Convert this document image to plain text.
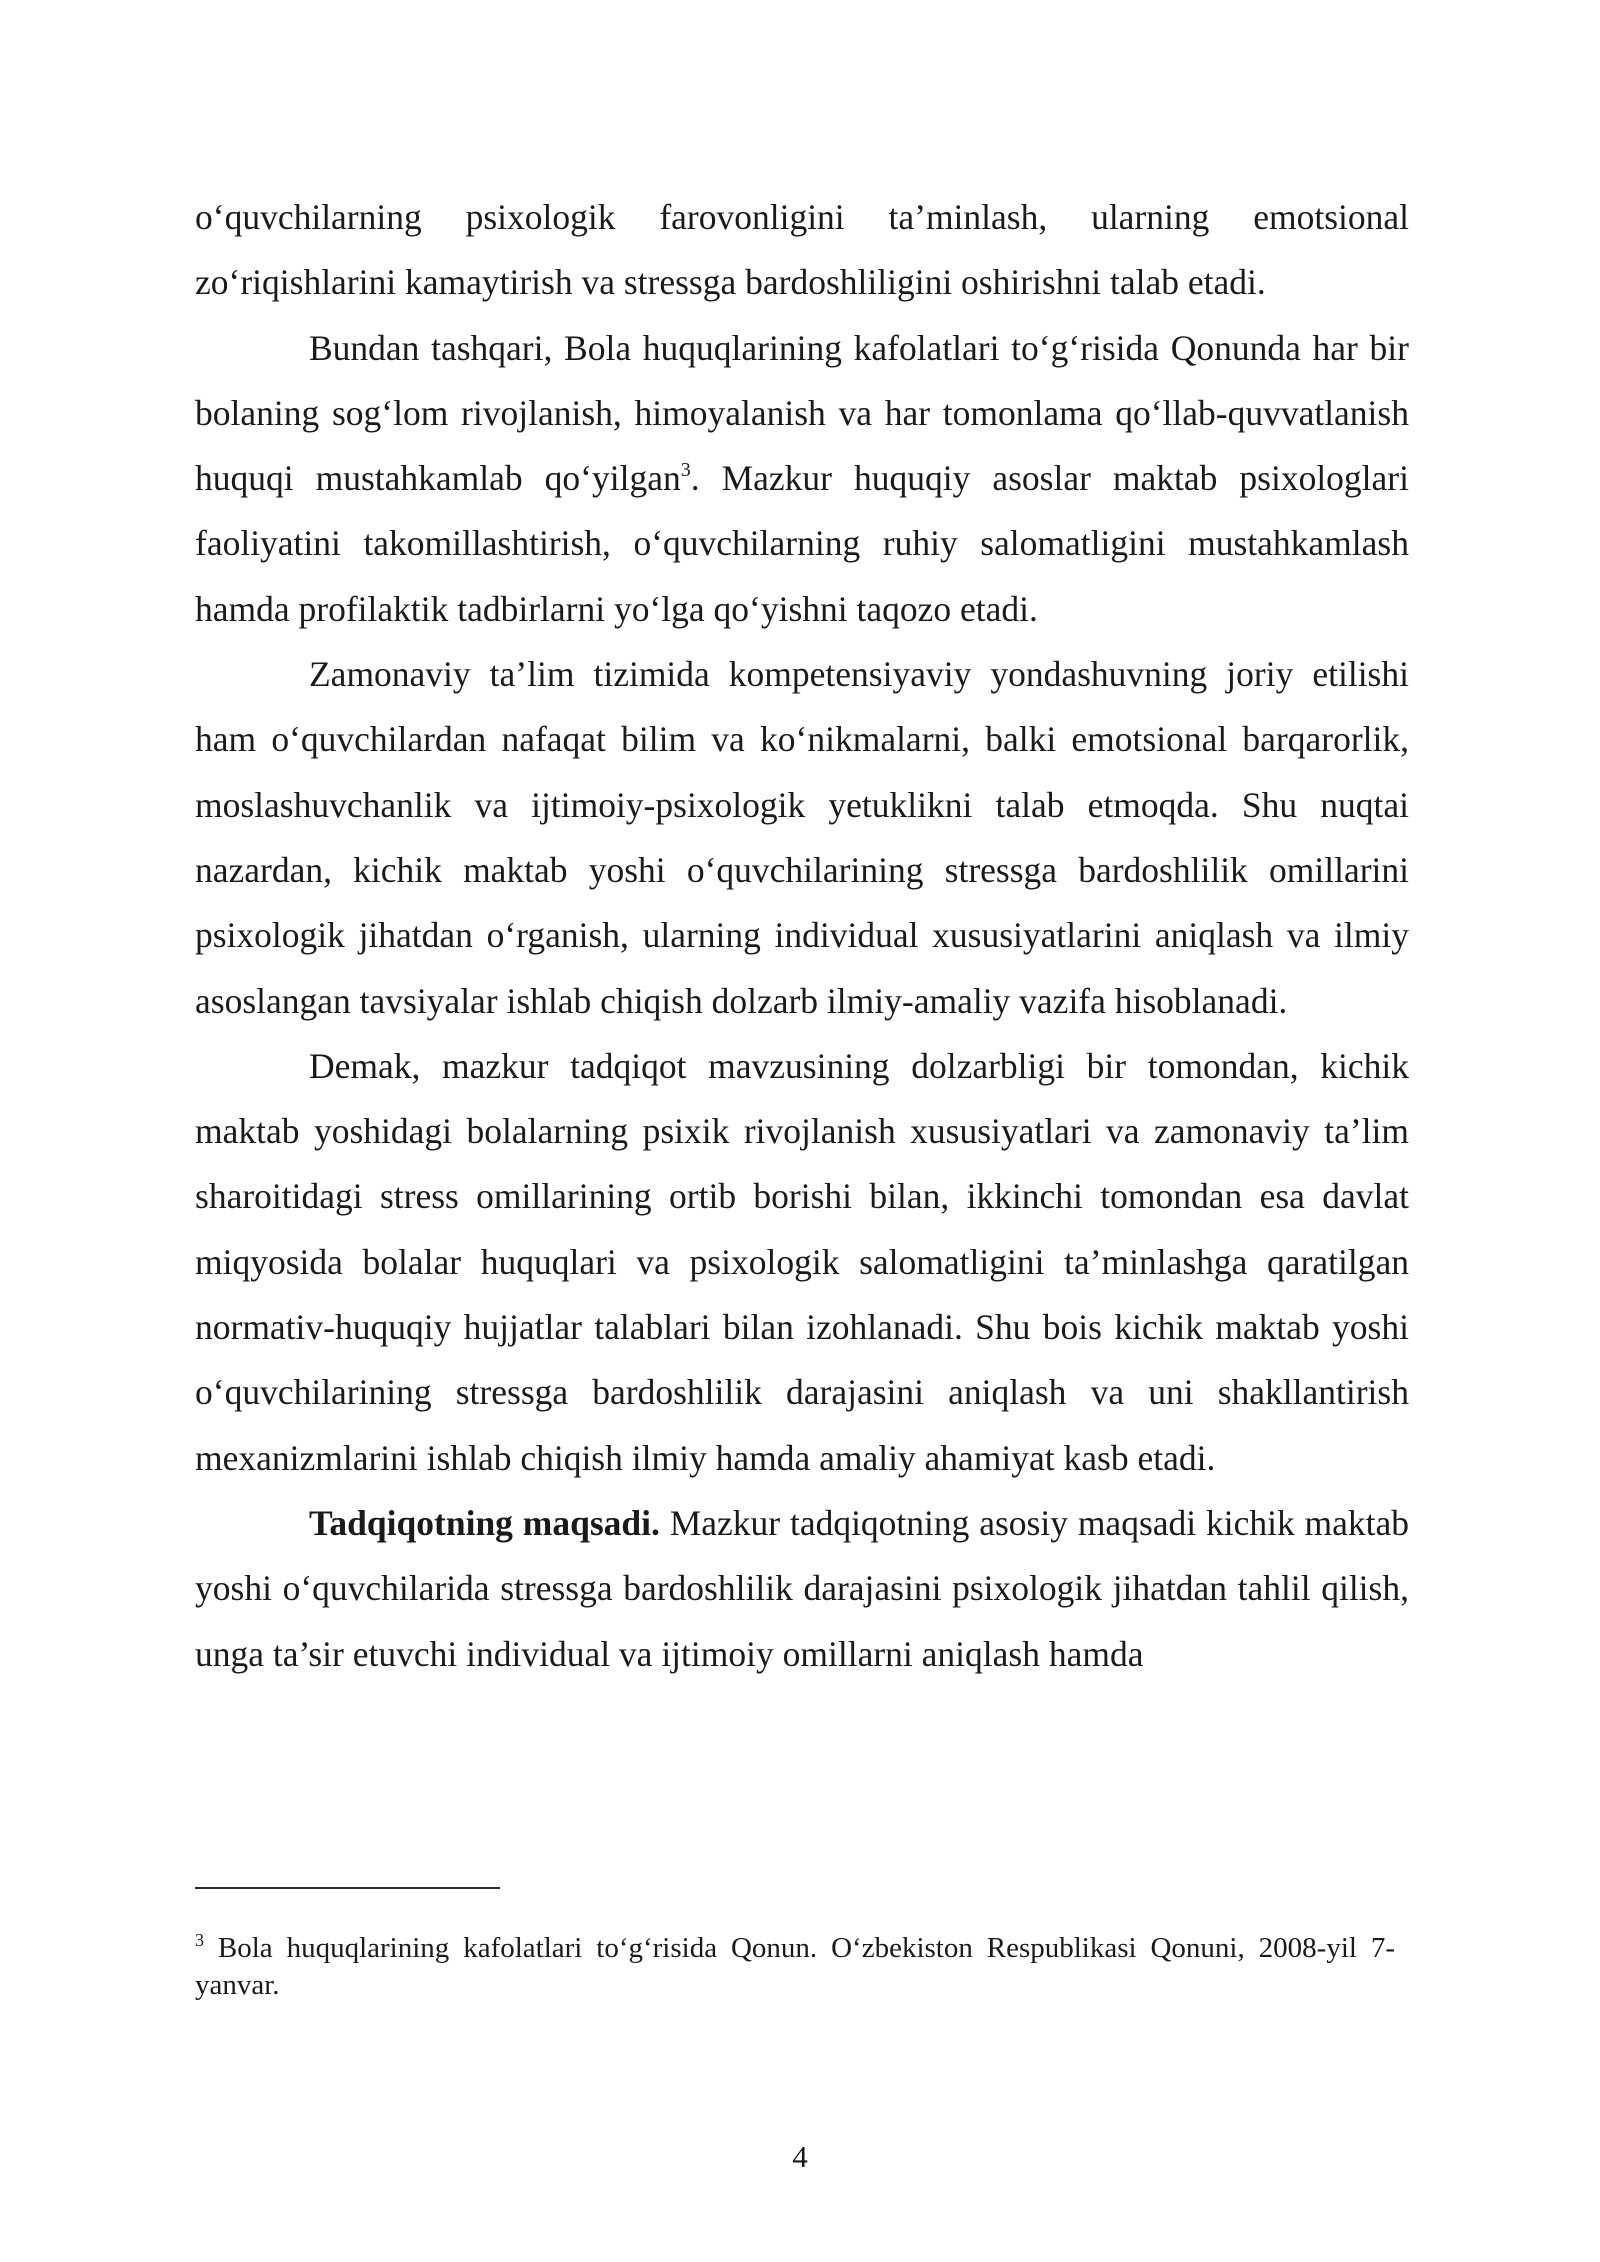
o‘quvchilarning psixologik farovonligini ta’minlash, ularning emotsional zo‘riqishlarini kamaytirish va stressga bardoshliligini oshirishni talab etadi.

Bundan tashqari, Bola huquqlarining kafolatlari to‘g‘risida Qonunda har bir bolaning sog‘lom rivojlanish, himoyalanish va har tomonlama qo‘llab-quvvatlanish huquqi mustahkamlab qo‘yilgan$^3$. Mazkur huquqiy asoslar maktab psixologlari faoliyatini takomillashtirish, o‘quvchilarning ruhiy salomatligini mustahkamlash hamda profilaktik tadbirlarni yo‘lga qo‘yishni taqozo etadi.

Zamonaviy ta’lim tizimida kompetensiyaviy yondashuvning joriy etilishi ham o‘quvchilardan nafaqat bilim va ko‘nikmalarni, balki emotsional barqarorlik, moslashuvchanlik va ijtimoiy-psixologik yetuklikni talab etmoqda. Shu nuqtai nazardan, kichik maktab yoshi o‘quvchilarining stressga bardoshlilik omillarini psixologik jihatdan o‘rganish, ularning individual xususiyatlarini aniqlash va ilmiy asoslangan tavsiyalar ishlab chiqish dolzarb ilmiy-amaliy vazifa hisoblanadi.

Demak, mazkur tadqiqot mavzusining dolzarbligi bir tomondan, kichik maktab yoshidagi bolalarning psixik rivojlanish xususiyatlari va zamonaviy ta’lim sharoitidagi stress omillarining ortib borishi bilan, ikkinchi tomondan esa davlat miqyosida bolalar huquqlari va psixologik salomatligini ta’minlashga qaratilgan normativ-huquqiy hujjatlar talablari bilan izohlanadi. Shu bois kichik maktab yoshi o‘quvchilarining stressga bardoshlilik darajasini aniqlash va uni shakllantirish mexanizmlarini ishlab chiqish ilmiy hamda amaliy ahamiyat kasb etadi.

Tadqiqotning maqsadi. Mazkur tadqiqotning asosiy maqsadi kichik maktab yoshi o‘quvchilarida stressga bardoshlilik darajasini psixologik jihatdan tahlil qilish, unga ta’sir etuvchi individual va ijtimoiy omillarni aniqlash hamda

$^3$ Bola huquqlarining kafolatlari to‘g‘risida Qonun. O‘zbekiston Respublikasi Qonuni, 2008-yil 7-yanvar.
4
